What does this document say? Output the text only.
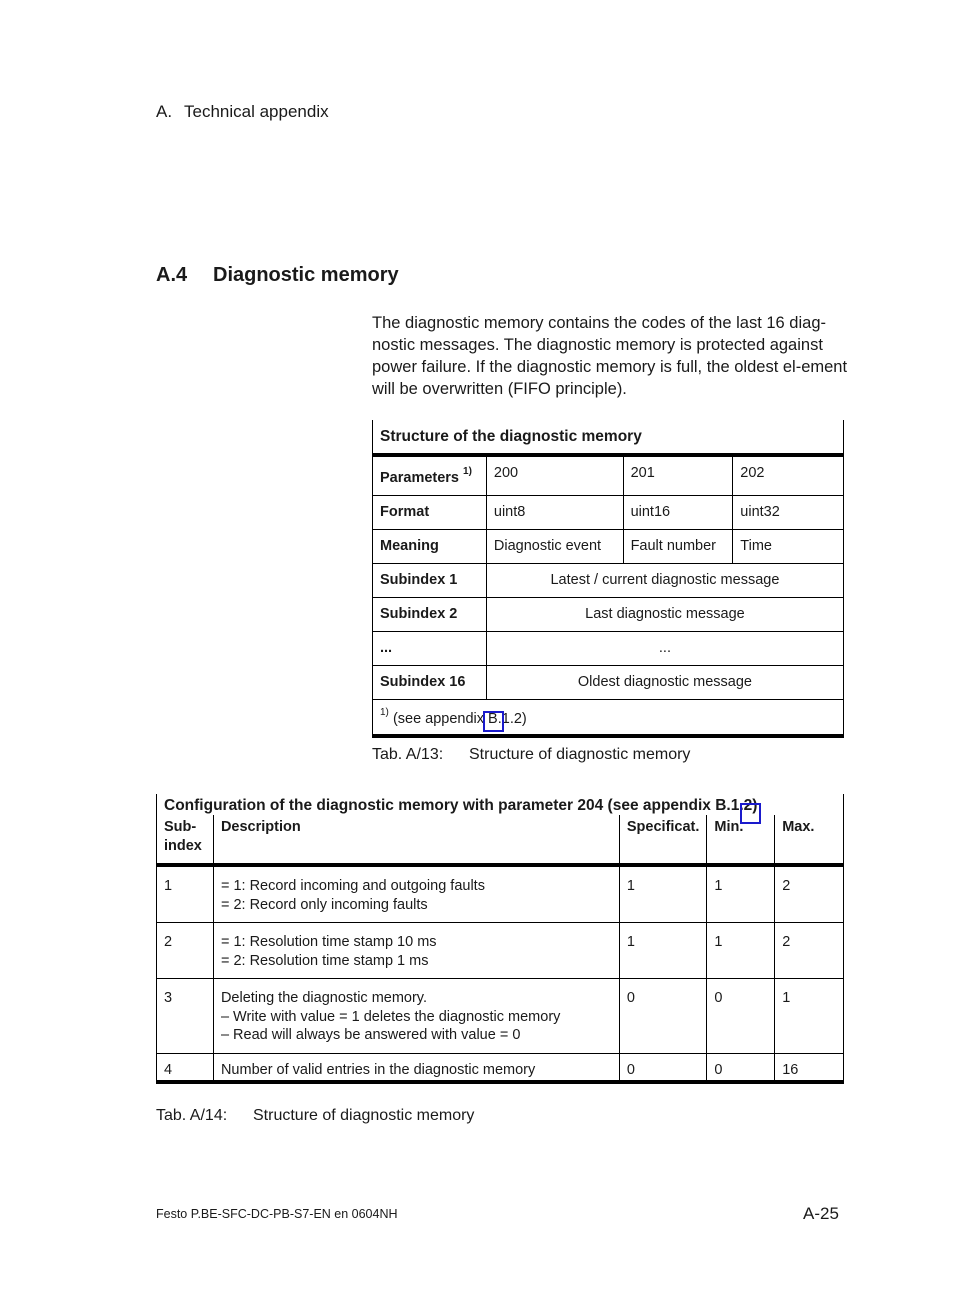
A. Technical appendix
A.4 Diagnostic memory
The diagnostic memory contains the codes of the last 16 diag-nostic messages. The diagnostic memory is protected against power failure. If the diagnostic memory is full, the oldest el-ement will be overwritten (FIFO principle).
Structure of the diagnostic memory			
Parameters $^{1)}$	200	201	202
Format	uint8	uint16	uint32
Meaning	Diagnostic event	Fault number	Time
Subindex 1	Latest / current diagnostic message		
Subindex 2	Last diagnostic message		
...	...		
Subindex 16	Oldest diagnostic message		
$^{1)}$ (see appendix B.1.2)			
Tab. A/13: Structure of diagnostic memory
Configuration of the diagnostic memory with parameter 204 (see appendix B.1.2)				

Sub-
index	Description	Specificat.	Min.	Max.
1	= 1: Record incoming and outgoing faults
= 2: Record only incoming faults	1	1	2
2	= 1: Resolution time stamp 10 ms
= 2: Resolution time stamp 1 ms	1	1	2
3	Deleting the diagnostic memory.
– Write with value = 1 deletes the diagnostic memory
– Read will always be answered with value = 0	0	0	1
4	Number of valid entries in the diagnostic memory	0	0	16
Tab. A/14: Structure of diagnostic memory
Festo P.BE-SFC-DC-PB-S7-EN en 0604NH	A-25
